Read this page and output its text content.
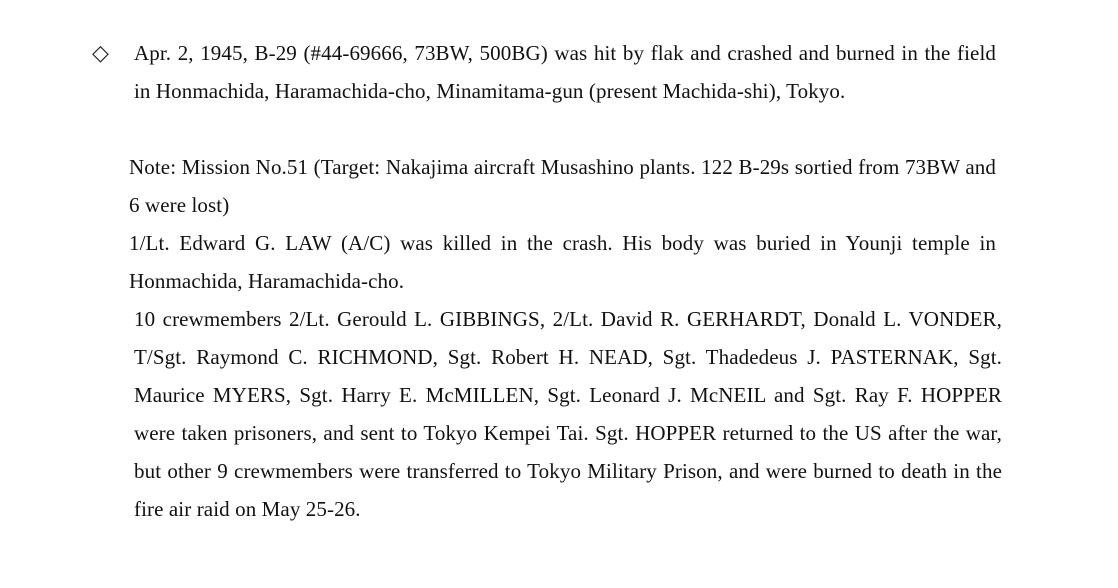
◇ Apr. 2, 1945, B-29 (#44-69666, 73BW, 500BG) was hit by flak and crashed and burned in the field in Honmachida, Haramachida-cho, Minamitama-gun (present Machida-shi), Tokyo.

Note: Mission No.51 (Target: Nakajima aircraft Musashino plants. 122 B-29s sortied from 73BW and 6 were lost)

1/Lt. Edward G. LAW (A/C) was killed in the crash. His body was buried in Younji temple in Honmachida, Haramachida-cho.

10 crewmembers 2/Lt. Gerould L. GIBBINGS, 2/Lt. David R. GERHARDT, Donald L. VONDER, T/Sgt. Raymond C. RICHMOND, Sgt. Robert H. NEAD, Sgt. Thadedeus J. PASTERNAK, Sgt. Maurice MYERS, Sgt. Harry E. McMILLEN, Sgt. Leonard J. McNEIL and Sgt. Ray F. HOPPER were taken prisoners, and sent to Tokyo Kempei Tai. Sgt. HOPPER returned to the US after the war, but other 9 crewmembers were transferred to Tokyo Military Prison, and were burned to death in the fire air raid on May 25-26.
